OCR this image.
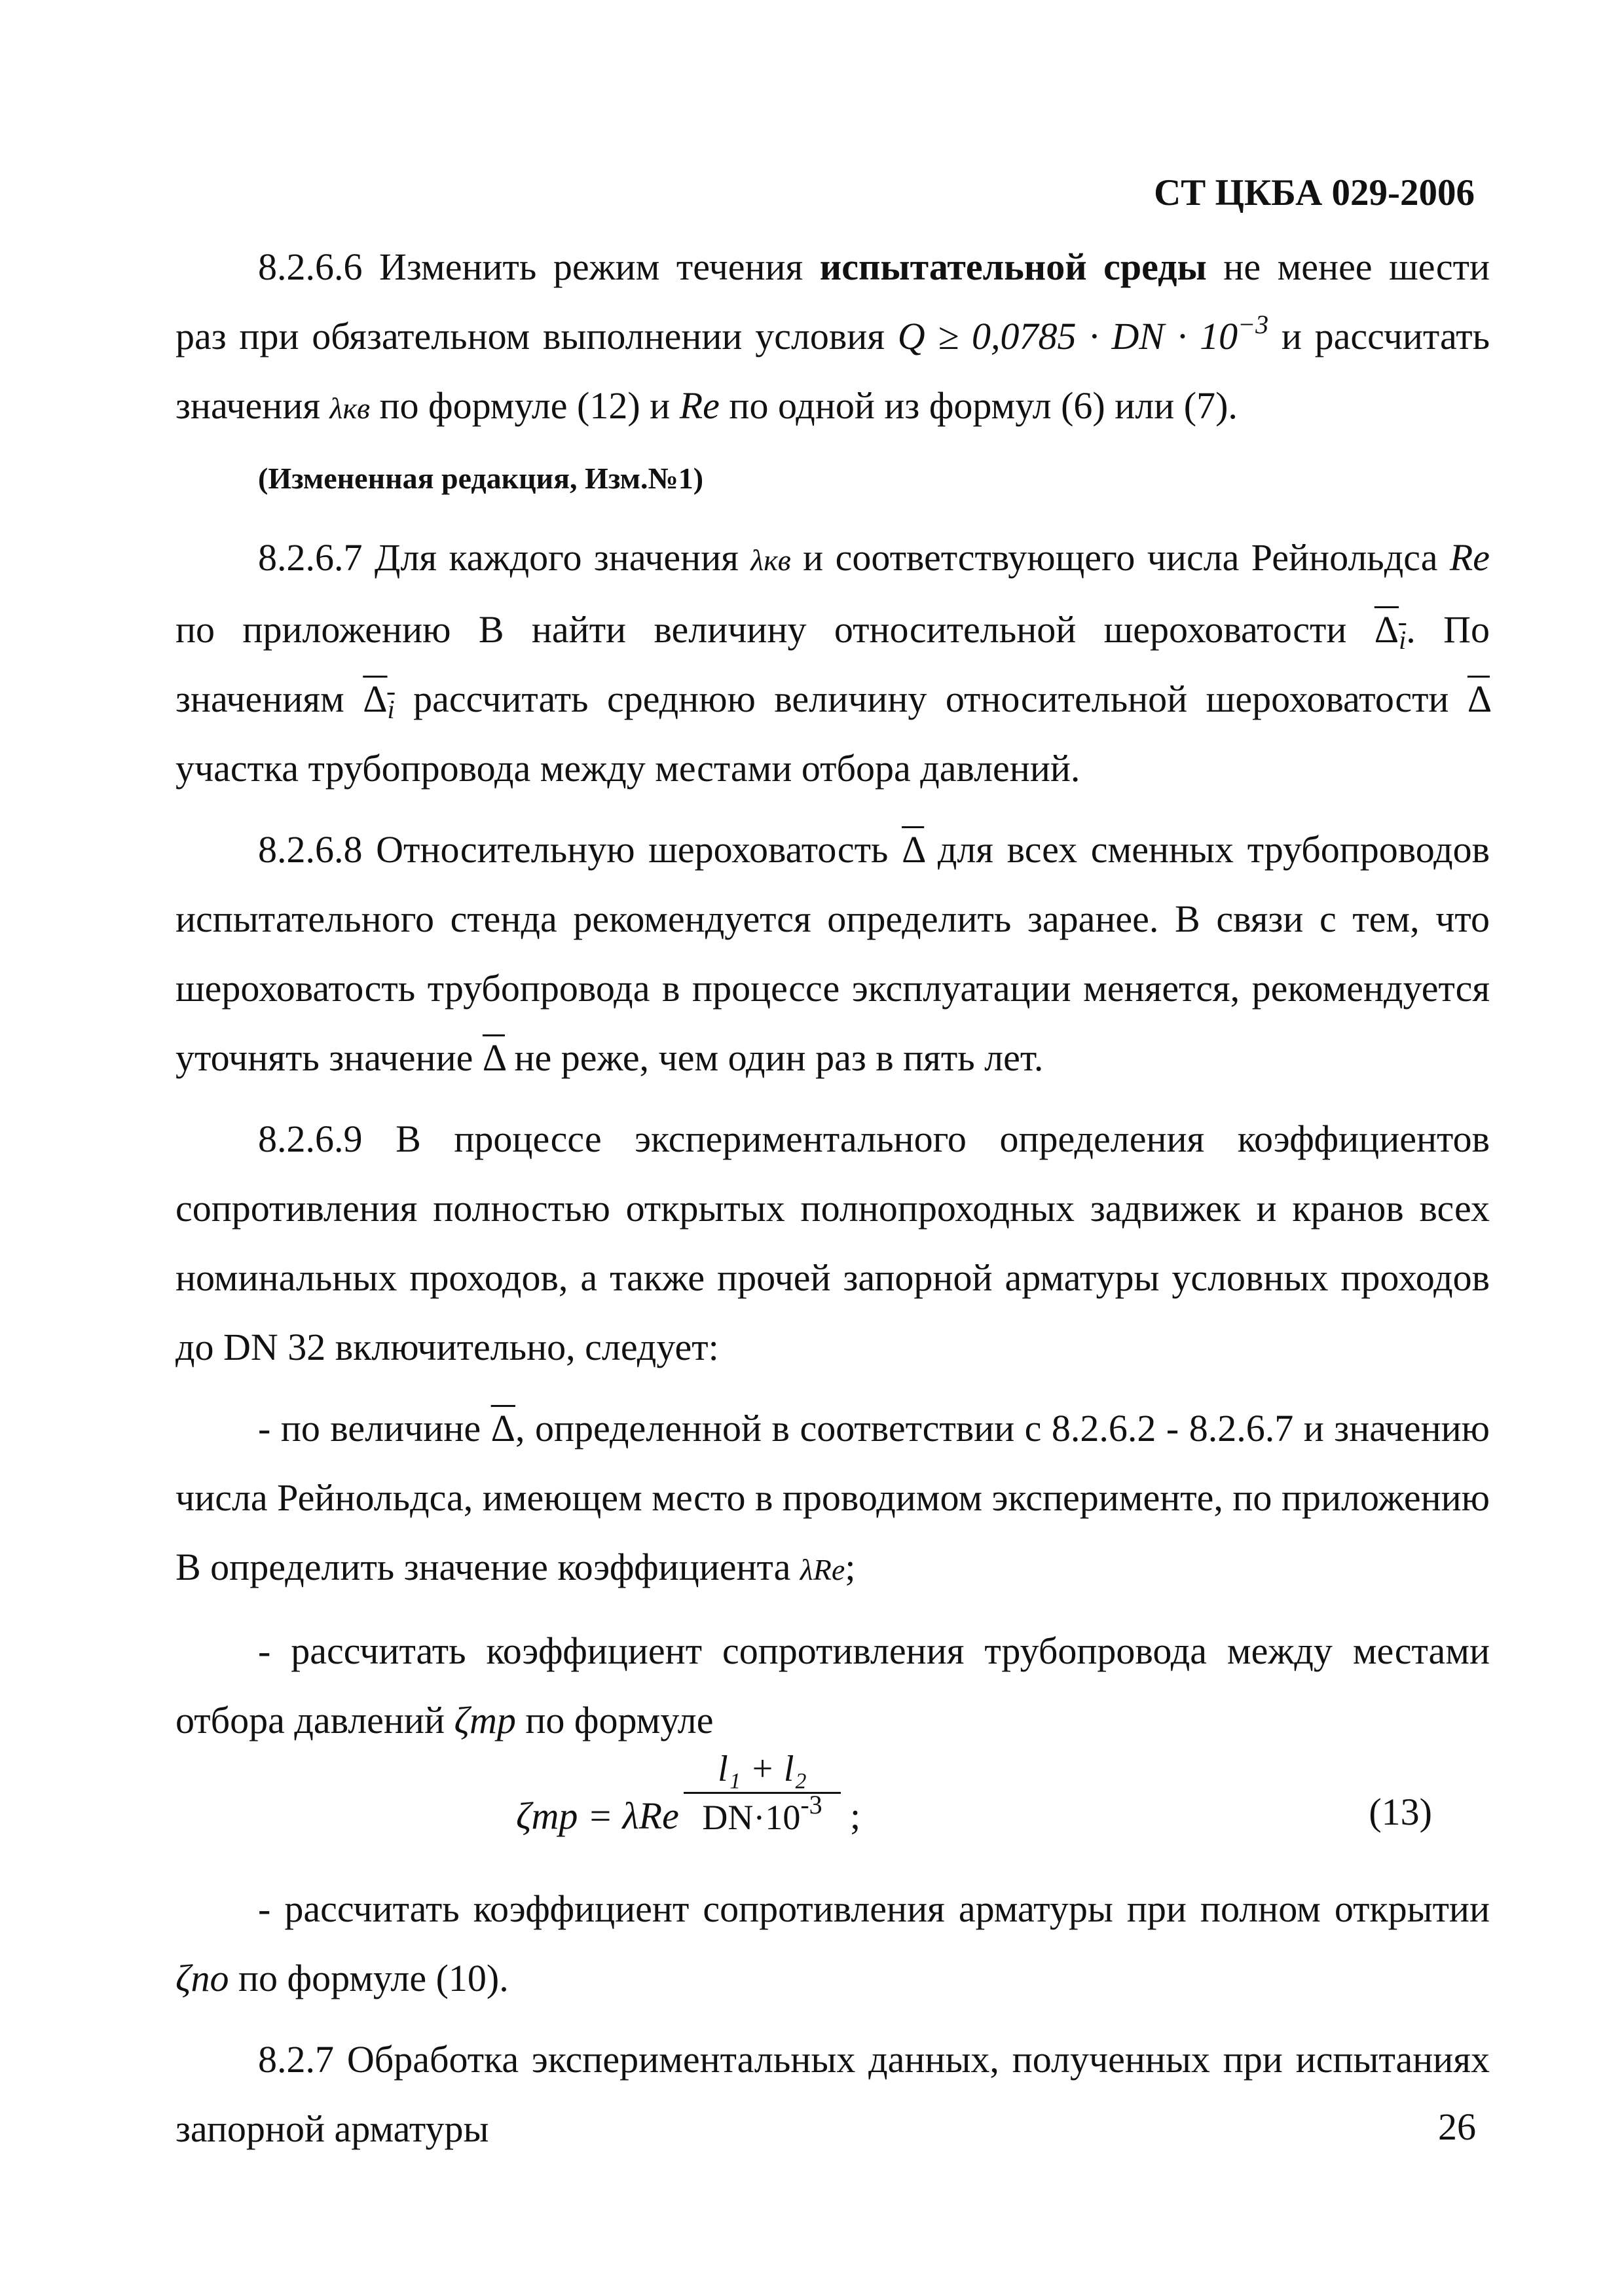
СТ ЦКБА 029-2006

8.2.6.6 Изменить режим течения испытательной среды не менее шести раз при обязательном выполнении условия Q ≥ 0,0785 · DN · $10^{-3}$ и рассчитать значения λкв по формуле (12) и Re по одной из формул (6) или (7).

(Измененная редакция, Изм.№1)

8.2.6.7 Для каждого значения λкв и соответствующего числа Рейнольдса Re по приложению В найти величину относительной шероховатости $\Delta_i$. По значениям $\Delta_i$ рассчитать среднюю величину относительной шероховатости $\overline{\Delta}$ участка трубопровода между местами отбора давлений.

8.2.6.8 Относительную шероховатость $\overline{\Delta}$ для всех сменных трубопроводов испытательного стенда рекомендуется определить заранее. В связи с тем, что шероховатость трубопровода в процессе эксплуатации меняется, рекомендуется уточнять значение $\overline{\Delta}$ не реже, чем один раз в пять лет.

8.2.6.9 В процессе экспериментального определения коэффициентов сопротивления полностью открытых полнопроходных задвижек и кранов всех номинальных проходов, а также прочей запорной арматуры условных проходов до DN 32 включительно, следует:

- по величине $\overline{\Delta}$, определенной в соответствии с 8.2.6.2 - 8.2.6.7 и значению числа Рейнольдса, имеющем место в проводимом эксперименте, по приложению В определить значение коэффициента λRe;

- рассчитать коэффициент сопротивления трубопровода между местами отбора давлений ζтр по формуле

ζтр = λRe $\frac{\text{l₁ + l₂}}{DN\cdot 10^{-3}}$ ;	(13)

- рассчитать коэффициент сопротивления арматуры при полном открытии ζпо по формуле (10).

8.2.7 Обработка экспериментальных данных, полученных при испытаниях запорной арматуры	26
